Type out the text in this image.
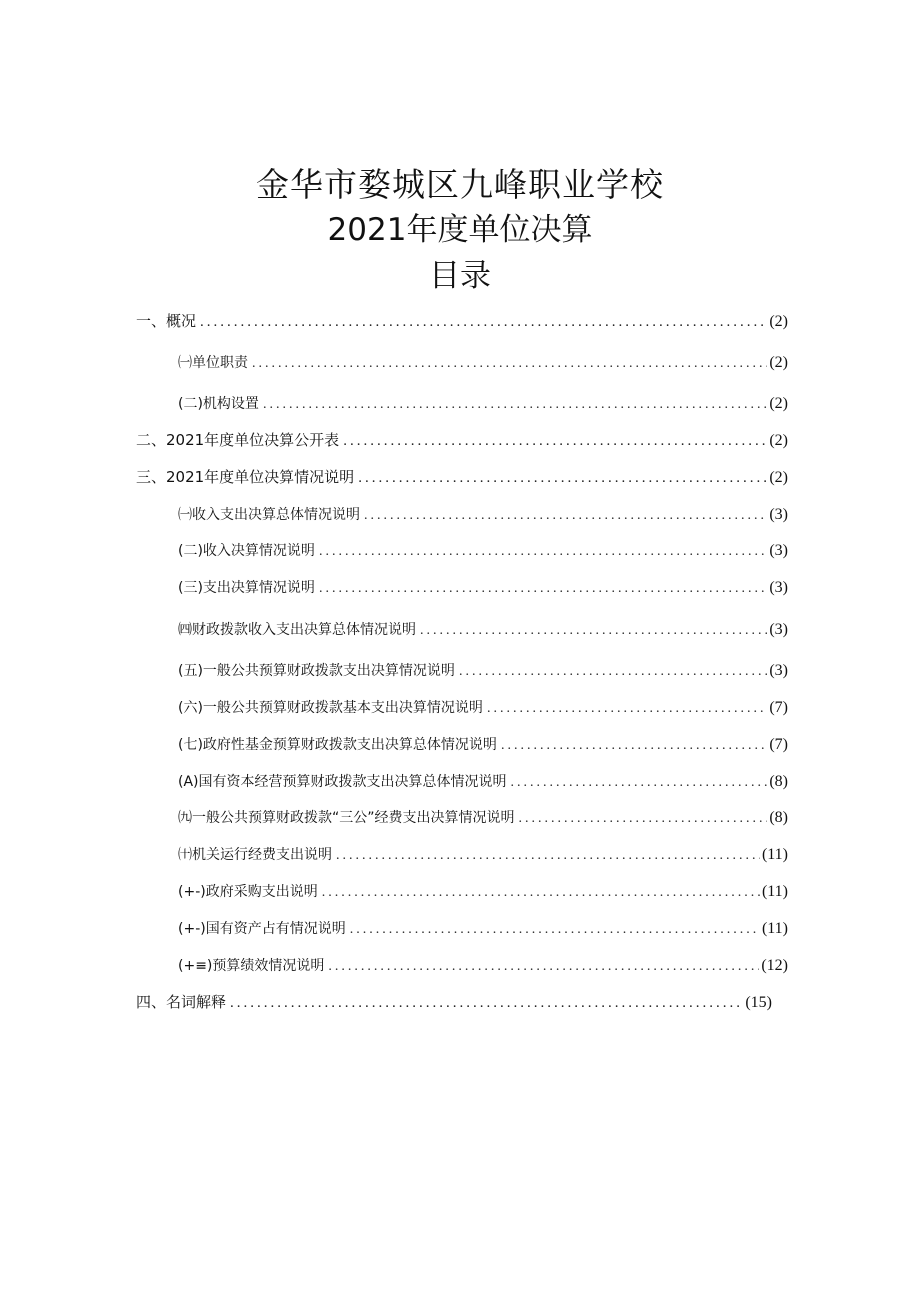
金华市婺城区九峰职业学校
2021年度单位决算
目录
一、概况 .....	(2)
㈠单位职责 .....	(2)
(二)机构设置 .....	(2)
二、2021年度单位决算公开表 .....	(2)
三、2021年度单位决算情况说明 .....	(2)
㈠收入支出决算总体情况说明 .....	(3)
(二)收入决算情况说明 .....	(3)
(三)支出决算情况说明 .....	(3)
㈣财政拨款收入支出决算总体情况说明 .....	(3)
(五)一般公共预算财政拨款支出决算情况说明 .....	(3)
(六)一般公共预算财政拨款基本支出决算情况说明 .....	(7)
(七)政府性基金预算财政拨款支出决算总体情况说明 .....	(7)
(A)国有资本经营预算财政拨款支出决算总体情况说明 .....	(8)
㈨一般公共预算财政拨款“三公”经费支出决算情况说明 .....	(8)
㈩机关运行经费支出说明 .....	(11)
(+-)政府采购支出说明 .....	(11)
(+-)国有资产占有情况说明 .....	(11)
(+≡)预算绩效情况说明 .....	(12)
四、名词解释 .....	(15)
